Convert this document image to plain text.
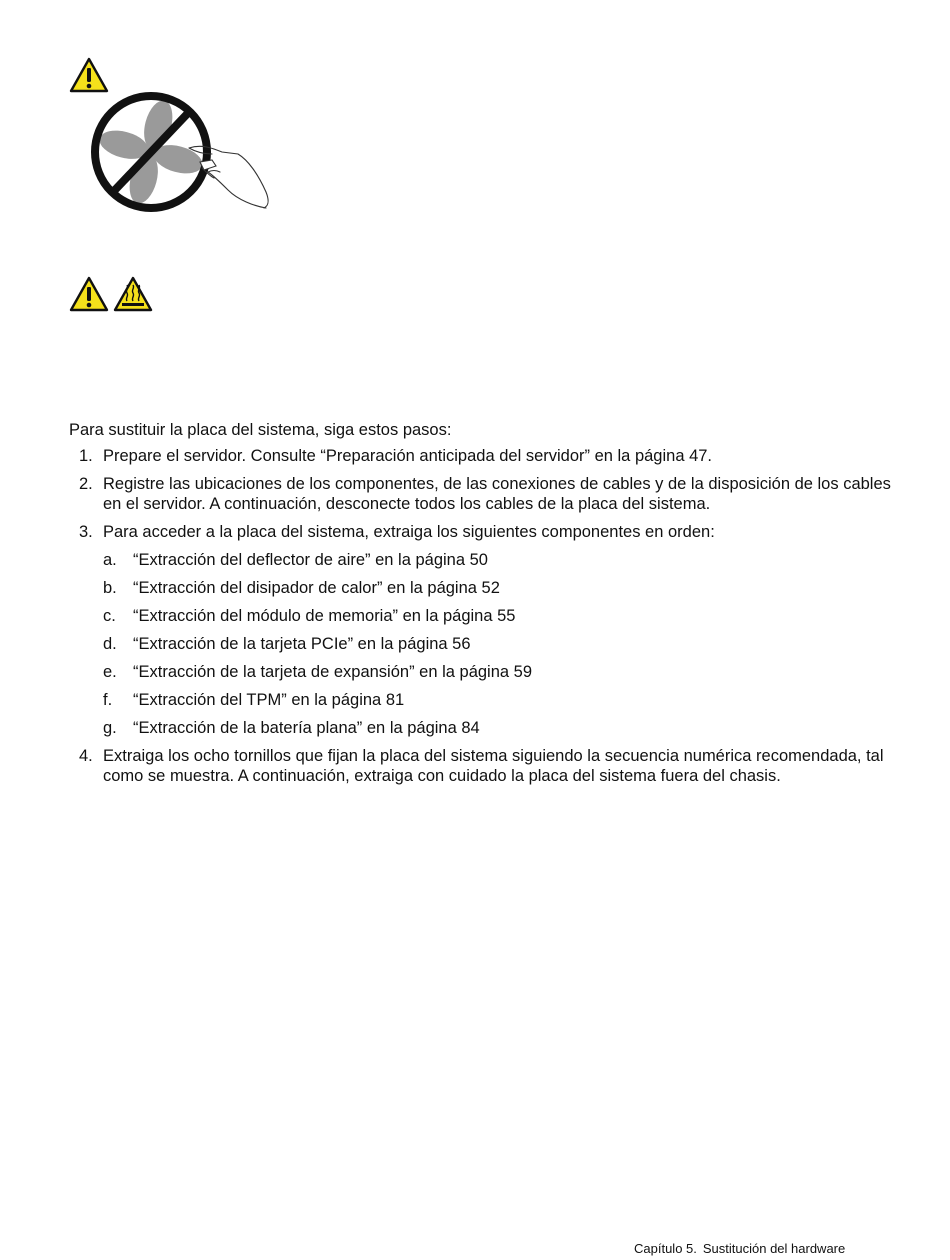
Para sustituir la placa del sistema, siga estos pasos:
1. Prepare el servidor. Consulte “Preparación anticipada del servidor” en la página 47.
2. Registre las ubicaciones de los componentes, de las conexiones de cables y de la disposición de los cables en el servidor. A continuación, desconecte todos los cables de la placa del sistema.
3. Para acceder a la placa del sistema, extraiga los siguientes componentes en orden:
a. “Extracción del deflector de aire” en la página 50
b. “Extracción del disipador de calor” en la página 52
c. “Extracción del módulo de memoria” en la página 55
d. “Extracción de la tarjeta PCIe” en la página 56
e. “Extracción de la tarjeta de expansión” en la página 59
f. “Extracción del TPM” en la página 81
g. “Extracción de la batería plana” en la página 84
4. Extraiga los ocho tornillos que fijan la placa del sistema siguiendo la secuencia numérica recomendada, tal como se muestra. A continuación, extraiga con cuidado la placa del sistema fuera del chasis.
Capítulo 5. Sustitución del hardware
